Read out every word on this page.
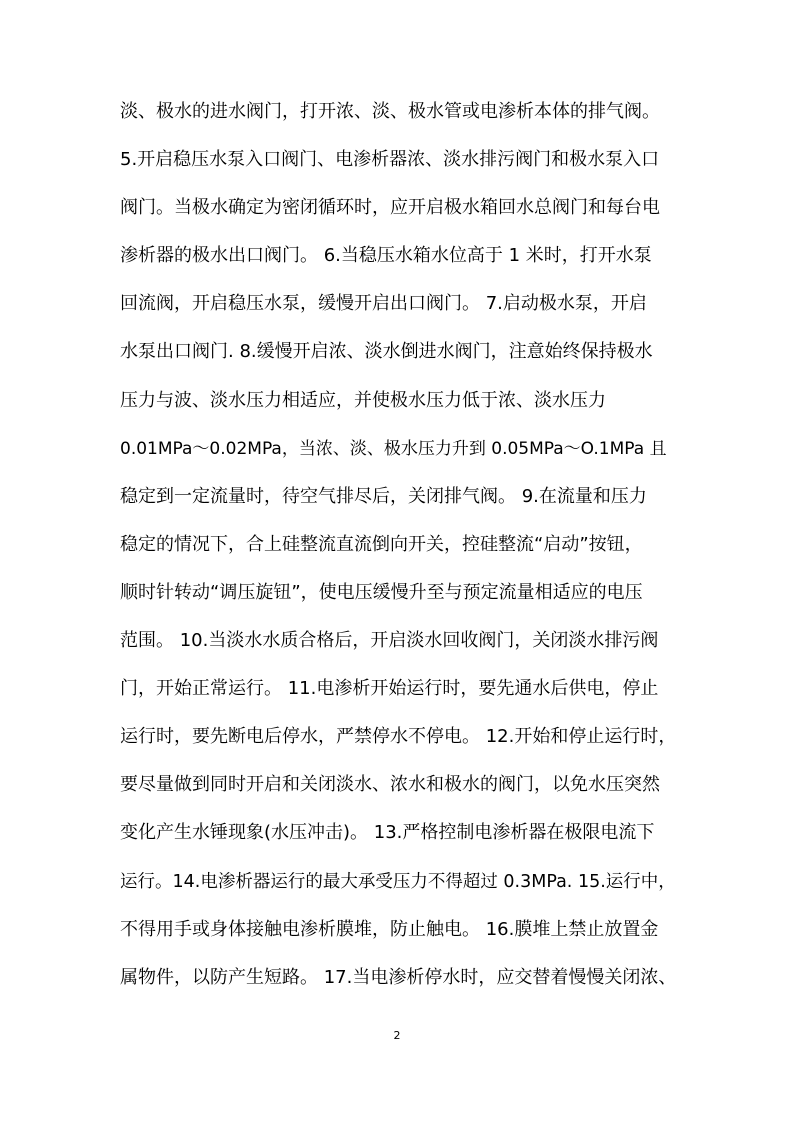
淡、极水的进水阀门，打开浓、淡、极水管或电渗析本体的排气阀。
5.开启稳压水泵入口阀门、电渗析器浓、淡水排污阀门和极水泵入口
阀门。当极水确定为密闭循环时，应开启极水箱回水总阀门和每台电
渗析器的极水出口阀门。 6.当稳压水箱水位高于 1 米时，打开水泵
回流阀，开启稳压水泵，缓慢开启出口阀门。 7.启动极水泵，开启
水泵出口阀门. 8.缓慢开启浓、淡水倒进水阀门，注意始终保持极水
压力与波、淡水压力相适应，并使极水压力低于浓、淡水压力
0.01MPa～0.02MPa，当浓、淡、极水压力升到 0.05MPa～O.1MPa 且
稳定到一定流量时，待空气排尽后，关闭排气阀。 9.在流量和压力
稳定的情况下，合上硅整流直流倒向开关，控硅整流“启动”按钮，
顺时针转动“调压旋钮”，使电压缓慢升至与预定流量相适应的电压
范围。 10.当淡水水质合格后，开启淡水回收阀门，关闭淡水排污阀
门，开始正常运行。 11.电渗析开始运行时，要先通水后供电，停止
运行时，要先断电后停水，严禁停水不停电。 12.开始和停止运行时，
要尽量做到同时开启和关闭淡水、浓水和极水的阀门，以免水压突然
变化产生水锤现象(水压冲击)。 13.严格控制电渗析器在极限电流下
运行。14.电渗析器运行的最大承受压力不得超过 0.3MPa. 15.运行中，
不得用手或身体接触电渗析膜堆，防止触电。 16.膜堆上禁止放置金
属物件，以防产生短路。 17.当电渗析停水时，应交替着慢慢关闭浓、
2
